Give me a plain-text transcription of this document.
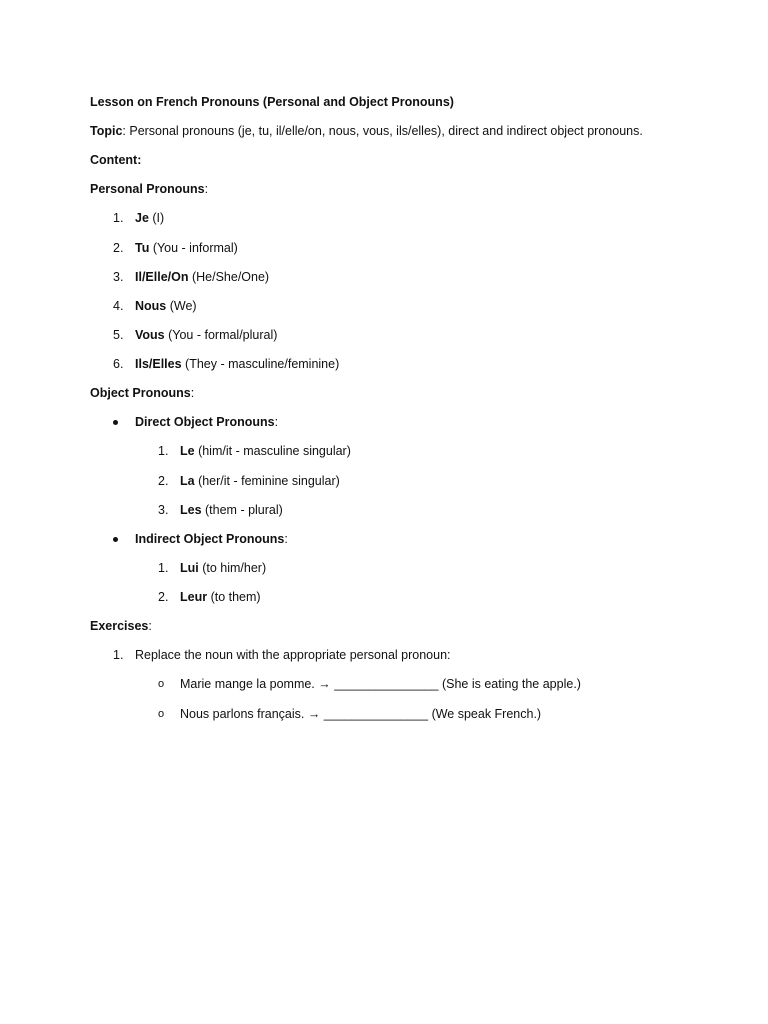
Lesson on French Pronouns (Personal and Object Pronouns)
Topic: Personal pronouns (je, tu, il/elle/on, nous, vous, ils/elles), direct and indirect object pronouns.
Content:
Personal Pronouns:
1. Je (I)
2. Tu (You - informal)
3. Il/Elle/On (He/She/One)
4. Nous (We)
5. Vous (You - formal/plural)
6. Ils/Elles (They - masculine/feminine)
Object Pronouns:
Direct Object Pronouns:
1. Le (him/it - masculine singular)
2. La (her/it - feminine singular)
3. Les (them - plural)
Indirect Object Pronouns:
1. Lui (to him/her)
2. Leur (to them)
Exercises:
1. Replace the noun with the appropriate personal pronoun:
o Marie mange la pomme. → _______________ (She is eating the apple.)
o Nous parlons français. → _______________ (We speak French.)
